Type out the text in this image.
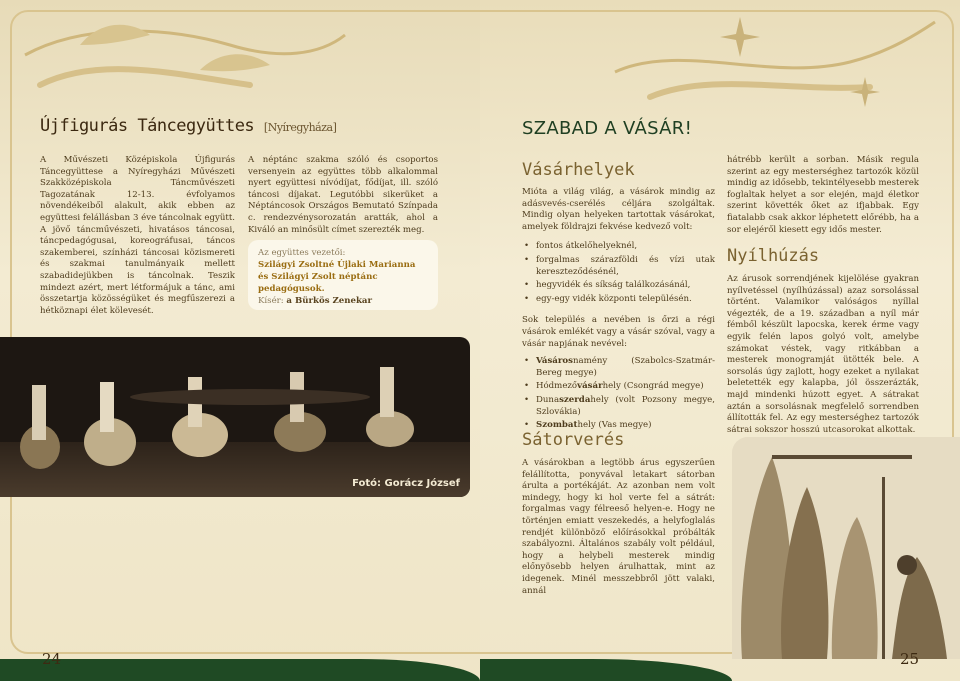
Újfigurás Táncegyüttes [Nyíregyháza]

A Művészeti Középiskola Újfigurás Táncegyüttese a Nyíregyházi Művészeti Szakközépiskola Táncművészeti Tagozatának 12-13. évfolyamos növendékeiből alakult, akik ebben az együttesi felállásban 3 éve táncolnak együtt. A jövő táncművészeti, hivatásos táncosai, táncpedagógusai, koreográfusai, táncos szakemberei, színházi táncosai közismereti és szakmai tanulmányaik mellett szabadidejükben is táncolnak. Teszik mindezt azért, mert létformájuk a tánc, ami összetartja közösségüket és megfűszerezi a hétköznapi élet kölevesét.

A néptánc szakma szóló és csoportos versenyein az együttes több alkalommal nyert együttesi nívódíjat, fődíjat, ill. szóló táncosi díjakat. Legutóbbi sikerüket a Néptáncosok Országos Bemutató Színpada c. rendezvénysorozatán aratták, ahol a Kiváló an minősült címet szerezték meg.

Az együttes vezetői:
Szilágyi Zsoltné Újlaki Marianna és Szilágyi Zsolt néptánc pedagógusok.
Kísér: a Bürkös Zenekar
Fotó: Gorácz József
24
SZABAD A VÁSÁR!
Vásárhelyek

Mióta a világ világ, a vásárok mindig az adásvevés-cserélés céljára szolgáltak. Mindig olyan helyeken tartottak vásárokat, amelyek földrajzi fekvése kedvező volt:

• fontos átkelőhelyeknél,
• forgalmas szárazföldi és vízi utak kereszteződésénél,
• hegyvidék és síkság találkozásánál,
• egy-egy vidék központi településén.

Sok település a nevében is őrzi a régi vásárok emlékét vagy a vásár szóval, vagy a vásár napjának nevével:

• Vásárosnamény (Szabolcs-Szatmár-Bereg megye)
• Hódmezővásárhely (Csongrád megye)
• Dunaszerdahely (volt Pozsony megye, Szlovákia)
• Szombathely (Vas megye)
Sátorverés

A vásárokban a legtöbb árus egyszerűen felállította, ponyvával letakart sátorban árulta a portékáját. Az azonban nem volt mindegy, hogy ki hol verte fel a sátrát: forgalmas vagy félreeső helyen-e. Hogy ne történjen emiatt veszekedés, a helyfoglalás rendjét különböző előírásokkal próbálták szabályozni. Általános szabály volt például, hogy a helybeli mesterek mindig előnyösebb helyen árulhattak, mint az idegenek. Minél messzebbről jött valaki, annál

hátrébb került a sorban. Másik regula szerint az egy mesterséghez tartozók közül mindig az idősebb, tekintélyesebb mesterek foglaltak helyet a sor elején, majd életkor szerint követték őket az ifjabbak. Egy fiatalabb csak akkor léphetett előrébb, ha a sor elejéről kiesett egy idős mester.

Nyílhúzás

Az árusok sorrendjének kijelölése gyakran nyílvetéssel (nyílhúzással) azaz sorsolással történt. Valamikor valóságos nyíllal végezték, de a 19. században a nyíl már fémből készült lapocska, kerek érme vagy egyik felén lapos golyó volt, amelybe számokat véstek, vagy ritkábban a mesterek monogramját ütötték bele. A sorsolás úgy zajlott, hogy ezeket a nyilakat beletették egy kalapba, jól összerázták, majd mindenki húzott egyet. A sátrakat aztán a sorsolásnak megfelelő sorrendben állították fel. Az egy mesterséghez tartozók sátrai sokszor hosszú utcasorokat alkottak.

25
